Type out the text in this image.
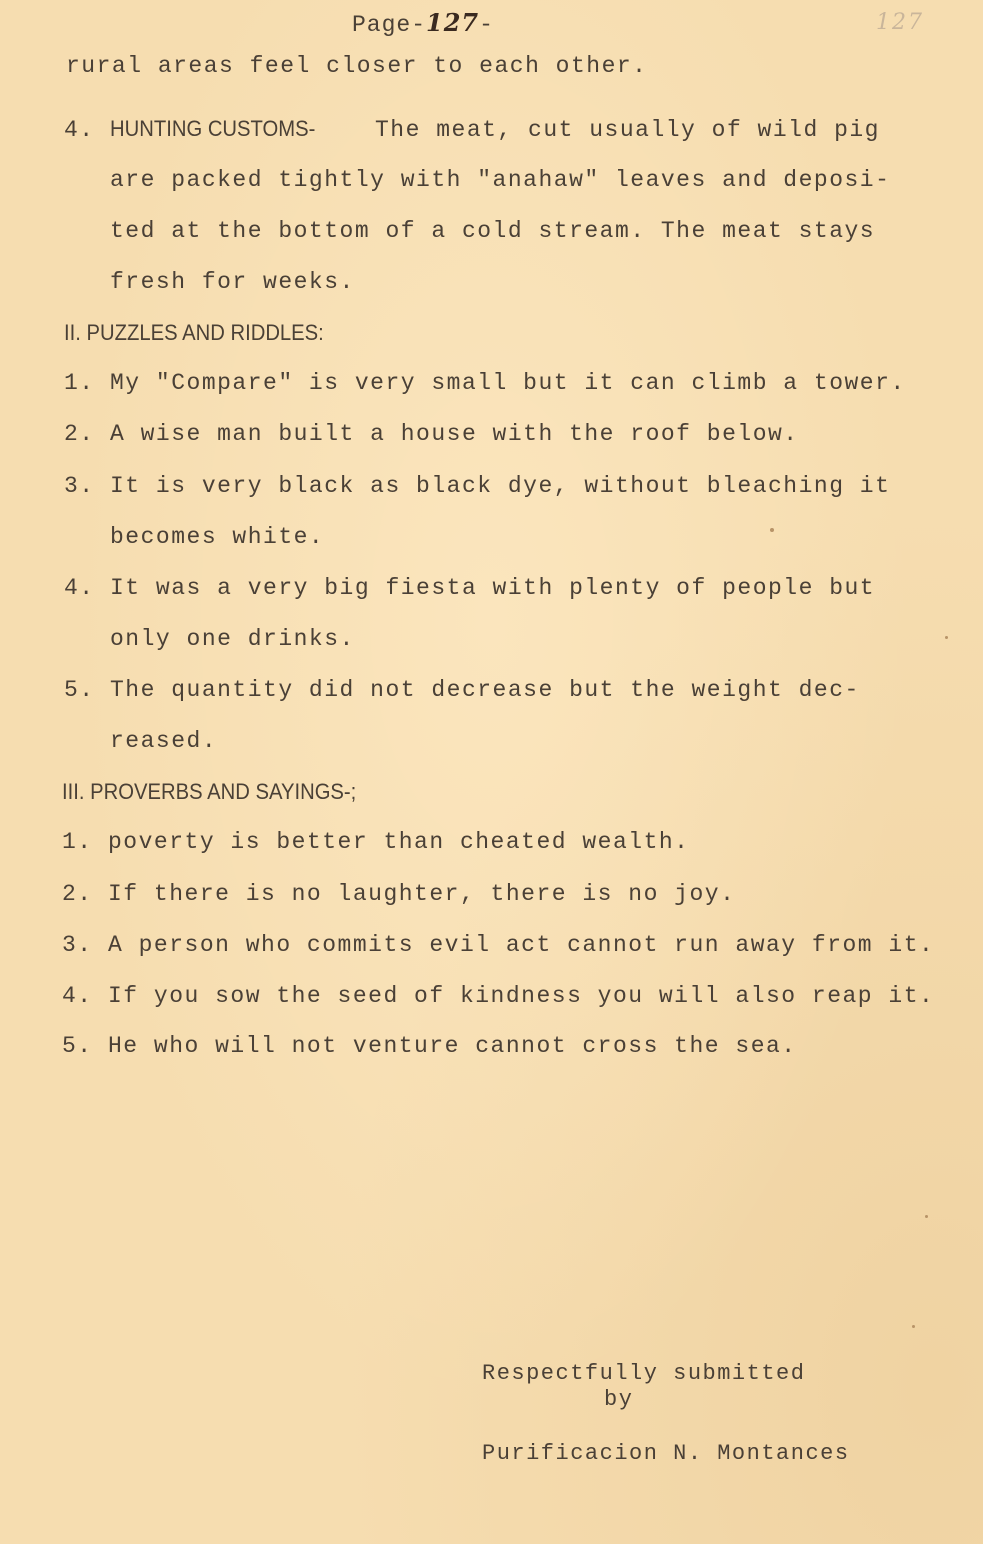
Page-127-	127
rural areas feel closer to each other.
4. HUNTING CUSTOMS-	The meat, cut usually of wild pig
are packed tightly with "anahaw" leaves and deposi-
ted at the bottom of a cold stream. The meat stays
fresh for weeks.
II. PUZZLES AND RIDDLES:
1. My "Compare" is very small but it can climb a tower.
2. A wise man built a house with the roof below.
3. It is very black as black dye, without bleaching it
becomes white.
4. It was a very big fiesta with plenty of people but
only one drinks.
5. The quantity did not decrease but the weight dec-
reased.
III. PROVERBS AND SAYINGS-;
1. poverty is better than cheated wealth.
2. If there is no laughter, there is no joy.
3. A person who commits evil act cannot run away from it.
4. If you sow the seed of kindness you will also reap it.
5. He who will not venture cannot cross the sea.
Respectfully submitted
by
Purificacion N. Montances
